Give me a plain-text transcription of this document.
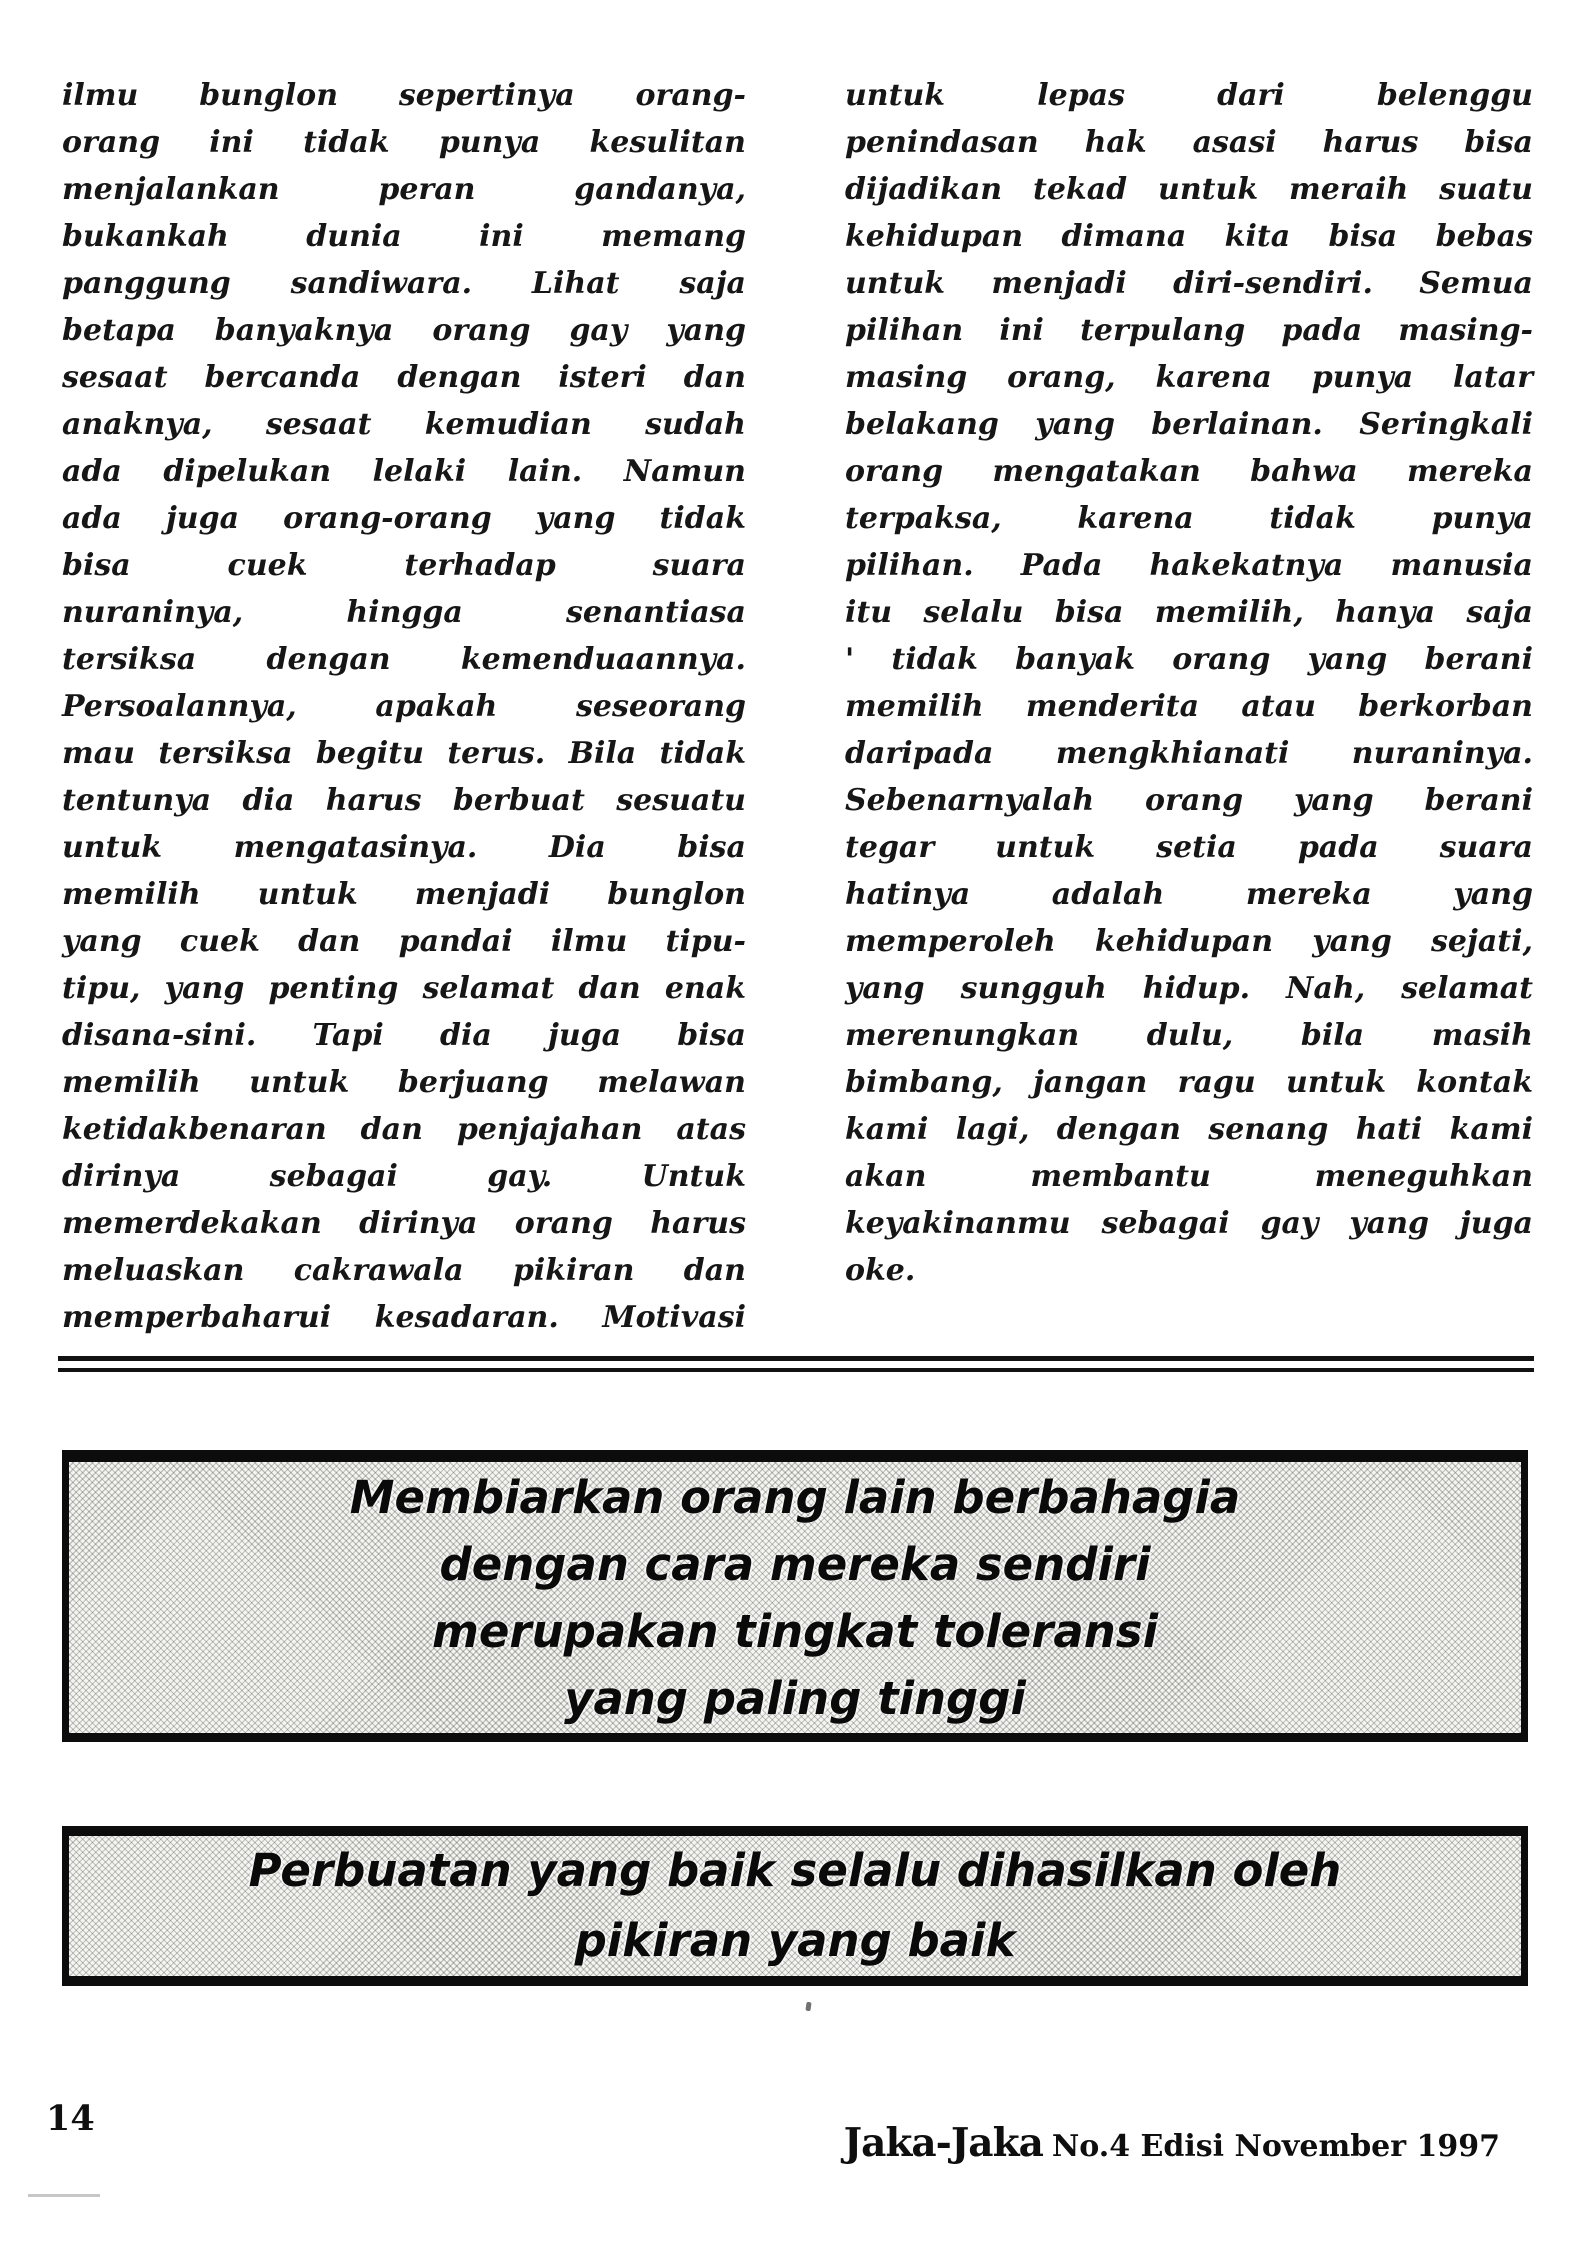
ilmu bunglon sepertinya orang-
orang ini tidak punya kesulitan
menjalankan peran gandanya,
bukankah dunia ini memang
panggung sandiwara. Lihat saja
betapa banyaknya orang gay yang
sesaat bercanda dengan isteri dan
anaknya, sesaat kemudian sudah
ada dipelukan lelaki lain. Namun
ada juga orang-orang yang tidak
bisa cuek terhadap suara
nuraninya, hingga senantiasa
tersiksa dengan kemenduaannya.
Persoalannya, apakah seseorang
mau tersiksa begitu terus. Bila tidak
tentunya dia harus berbuat sesuatu
untuk mengatasinya. Dia bisa
memilih untuk menjadi bunglon
yang cuek dan pandai ilmu tipu-
tipu, yang penting selamat dan enak
disana-sini. Tapi dia juga bisa
memilih untuk berjuang melawan
ketidakbenaran dan penjajahan atas
dirinya sebagai gay. Untuk
memerdekakan dirinya orang harus
meluaskan cakrawala pikiran dan
memperbaharui kesadaran. Motivasi
untuk lepas dari belenggu
penindasan hak asasi harus bisa
dijadikan tekad untuk meraih suatu
kehidupan dimana kita bisa bebas
untuk menjadi diri-sendiri. Semua
pilihan ini terpulang pada masing-
masing orang, karena punya latar
belakang yang berlainan. Seringkali
orang mengatakan bahwa mereka
terpaksa, karena tidak punya
pilihan. Pada hakekatnya manusia
itu selalu bisa memilih, hanya saja
' tidak banyak orang yang berani
memilih menderita atau berkorban
daripada mengkhianati nuraninya.
Sebenarnyalah orang yang berani
tegar untuk setia pada suara
hatinya adalah mereka yang
memperoleh kehidupan yang sejati,
yang sungguh hidup. Nah, selamat
merenungkan dulu, bila masih
bimbang, jangan ragu untuk kontak
kami lagi, dengan senang hati kami
akan membantu meneguhkan
keyakinanmu sebagai gay yang juga
oke.
Membiarkan orang lain berbahagia
dengan cara mereka sendiri
merupakan tingkat toleransi
yang paling tinggi
Perbuatan yang baik selalu dihasilkan oleh
pikiran yang baik
14
Jaka-Jaka No.4 Edisi November 1997
